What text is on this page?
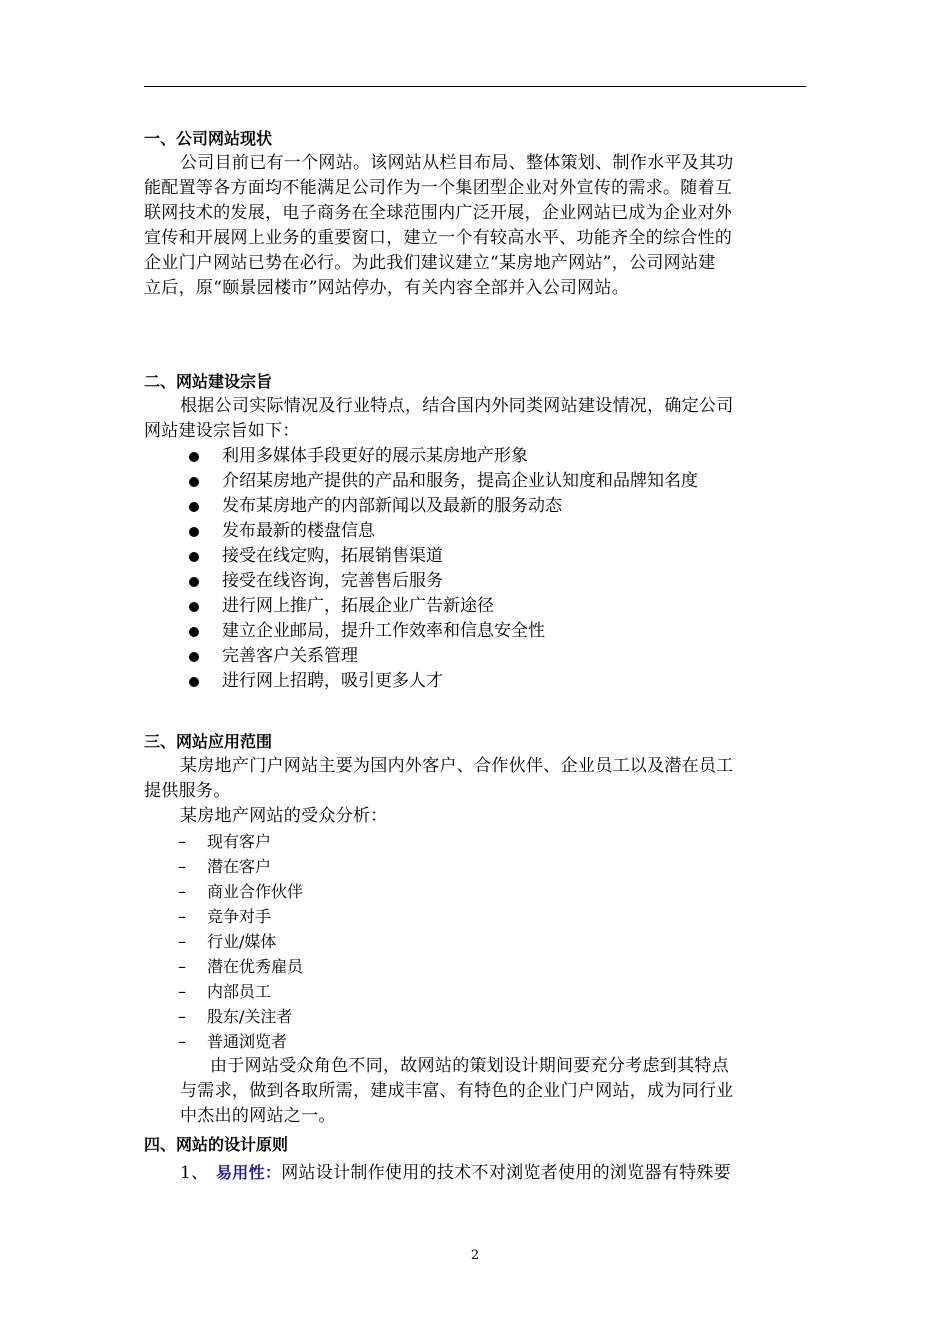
一、公司网站现状

公司目前已有一个网站。该网站从栏目布局、整体策划、制作水平及其功
能配置等各方面均不能满足公司作为一个集团型企业对外宣传的需求。随着互
联网技术的发展，电子商务在全球范围内广泛开展，企业网站已成为企业对外
宣传和开展网上业务的重要窗口，建立一个有较高水平、功能齐全的综合性的
企业门户网站已势在必行。为此我们建议建立“某房地产网站”，公司网站建
立后，原“颐景园楼市”网站停办，有关内容全部并入公司网站。

二、网站建设宗旨

根据公司实际情况及行业特点，结合国内外同类网站建设情况，确定公司
网站建设宗旨如下：
利用多媒体手段更好的展示某房地产形象
介绍某房地产提供的产品和服务，提高企业认知度和品牌知名度
发布某房地产的内部新闻以及最新的服务动态
发布最新的楼盘信息
接受在线定购，拓展销售渠道
接受在线咨询，完善售后服务
进行网上推广，拓展企业广告新途径
建立企业邮局，提升工作效率和信息安全性
完善客户关系管理
进行网上招聘，吸引更多人才

三、网站应用范围

某房地产门户网站主要为国内外客户、合作伙伴、企业员工以及潜在员工
提供服务。
某房地产网站的受众分析：
– 现有客户
– 潜在客户
– 商业合作伙伴
– 竞争对手
– 行业/媒体
– 潜在优秀雇员
– 内部员工
– 股东/关注者
– 普通浏览者
由于网站受众角色不同，故网站的策划设计期间要充分考虑到其特点
与需求，做到各取所需，建成丰富、有特色的企业门户网站，成为同行业
中杰出的网站之一。

四、网站的设计原则

1、 易用性：网站设计制作使用的技术不对浏览者使用的浏览器有特殊要
2
